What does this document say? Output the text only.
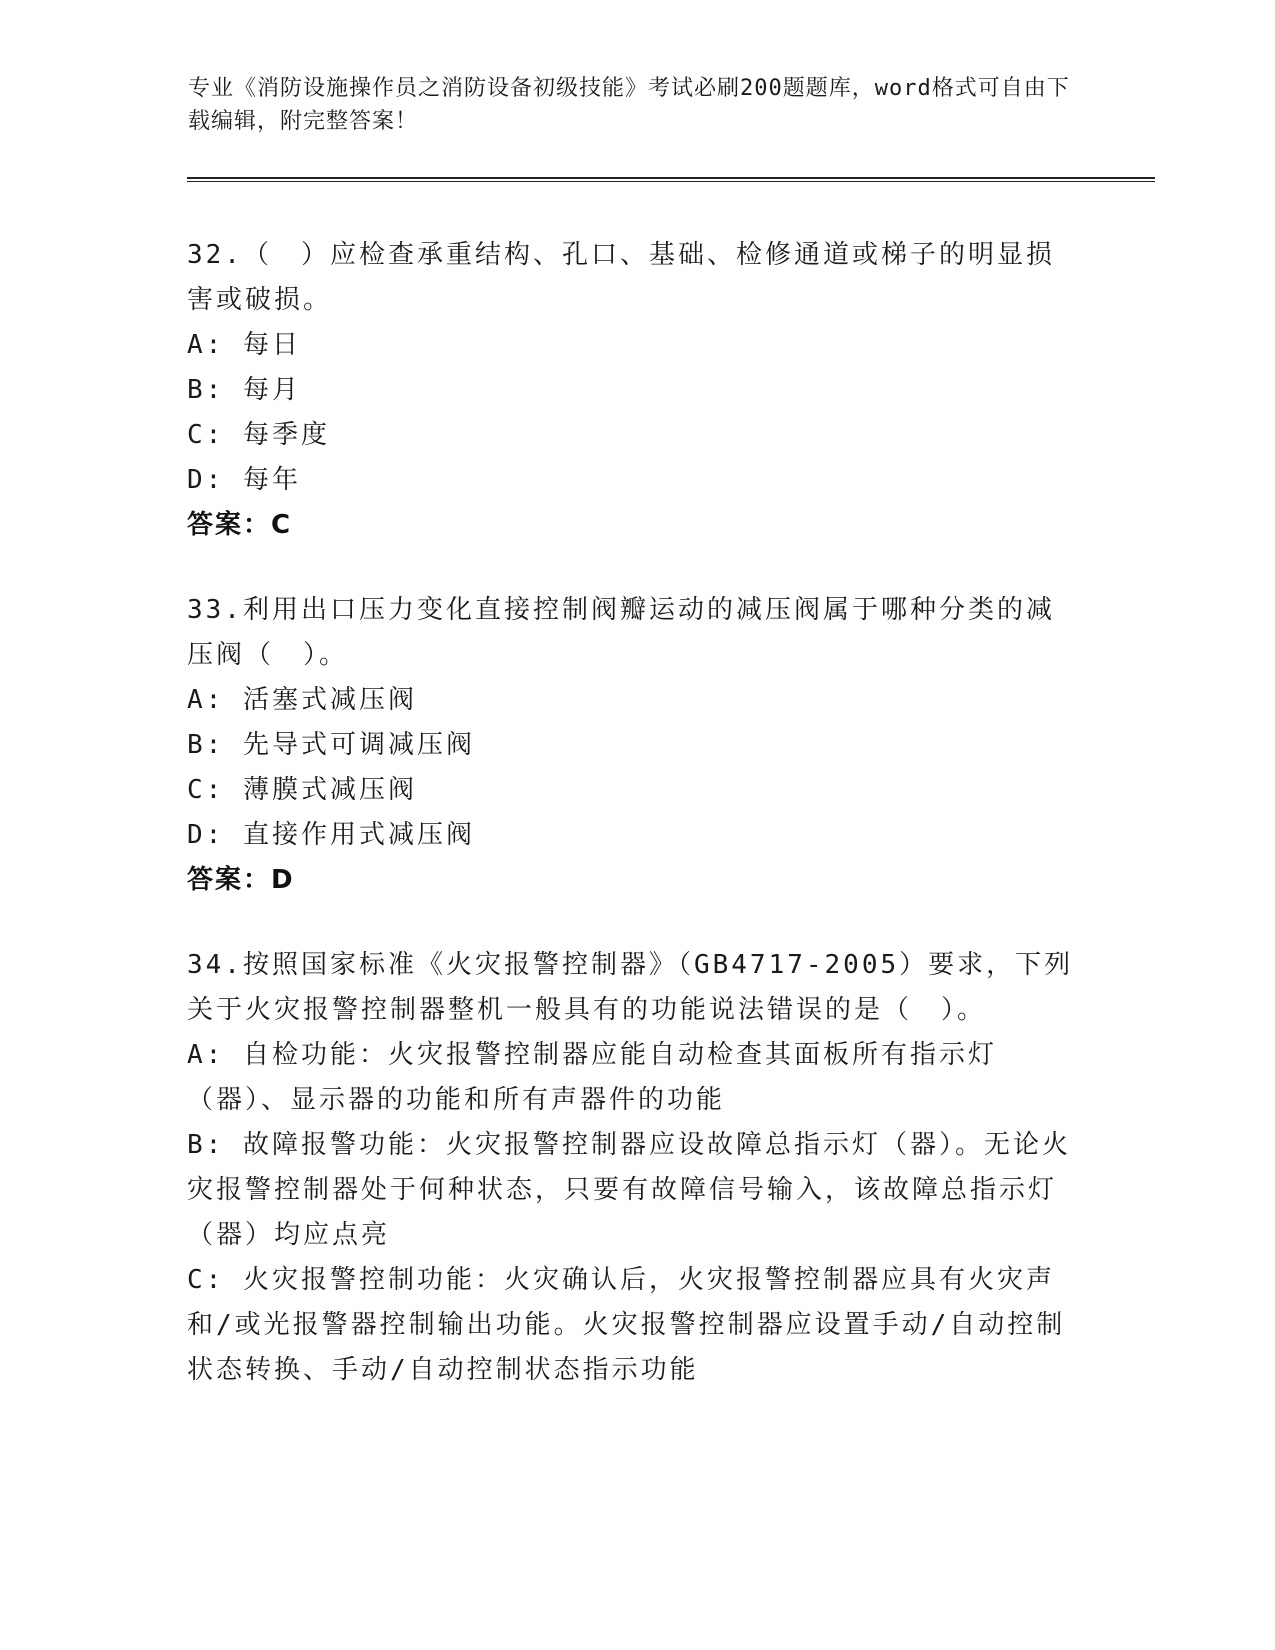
专业《消防设施操作员之消防设备初级技能》考试必刷200题题库，word格式可自由下载编辑，附完整答案！
32.（　）应检查承重结构、孔口、基础、检修通道或梯子的明显损害或破损。
A: 每日
B: 每月
C: 每季度
D: 每年
答案：C
33.利用出口压力变化直接控制阀瓣运动的减压阀属于哪种分类的减压阀（　）。
A: 活塞式减压阀
B: 先导式可调减压阀
C: 薄膜式减压阀
D: 直接作用式减压阀
答案：D
34.按照国家标准《火灾报警控制器》（GB4717-2005）要求，下列关于火灾报警控制器整机一般具有的功能说法错误的是（　）。
A: 自检功能：火灾报警控制器应能自动检查其面板所有指示灯（器）、显示器的功能和所有声器件的功能
B: 故障报警功能：火灾报警控制器应设故障总指示灯（器）。无论火灾报警控制器处于何种状态，只要有故障信号输入，该故障总指示灯（器）均应点亮
C: 火灾报警控制功能：火灾确认后，火灾报警控制器应具有火灾声和/或光报警器控制输出功能。火灾报警控制器应设置手动/自动控制状态转换、手动/自动控制状态指示功能
